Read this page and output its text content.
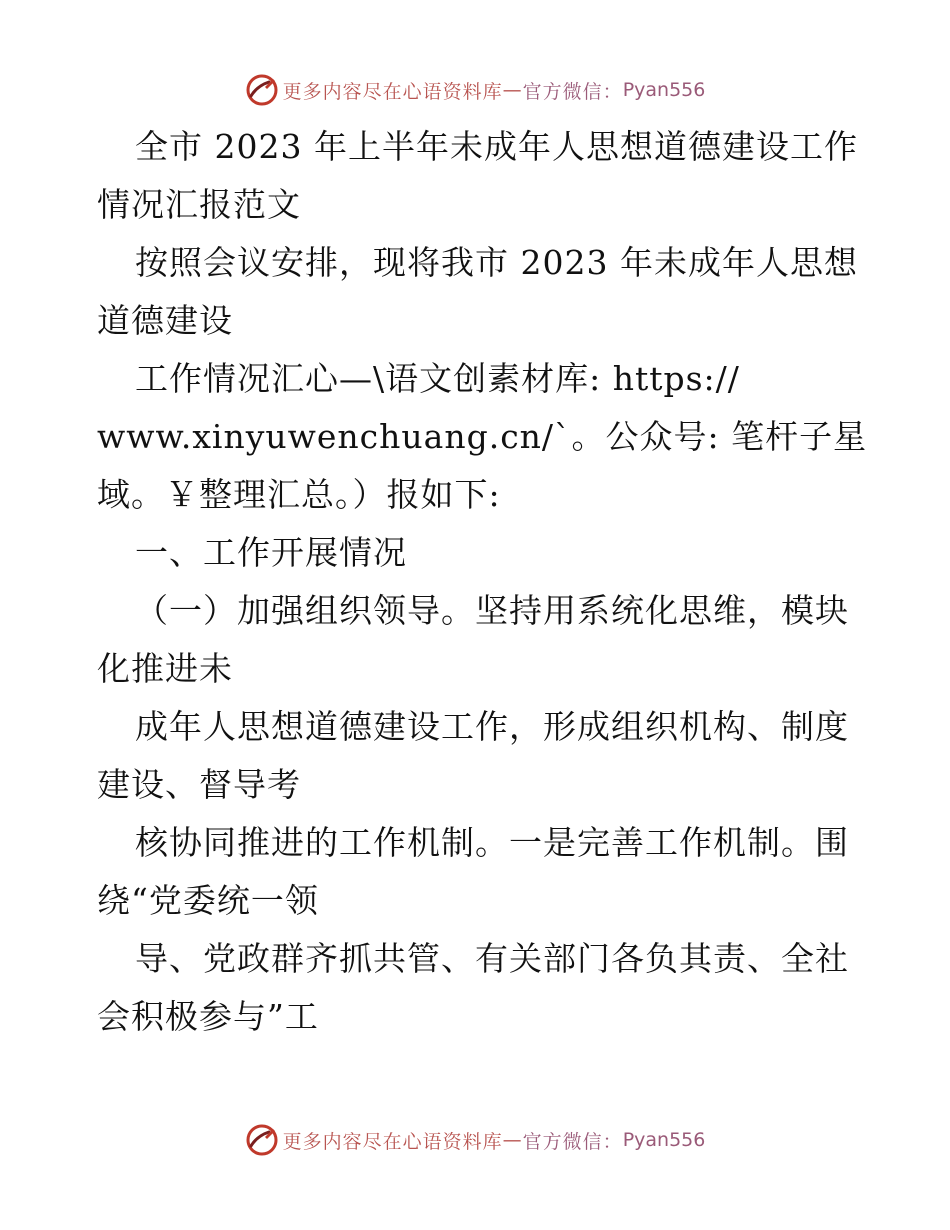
更多内容尽在心语资料库 — 官方微信： Pyan556
全市 2023 年上半年未成年人思想道德建设工作
情况汇报范文
按照会议安排，现将我市 2023 年未成年人思想
道德建设
工作情况汇心—\语文创素材库: https://
www.xinyuwenchuang.cn/`。公众号: 笔杆子星
域。￥整理汇总。）报如下:
一、工作开展情况
（一）加强组织领导。坚持用系统化思维，模块
化推进未
成年人思想道德建设工作，形成组织机构、制度
建设、督导考
核协同推进的工作机制。一是完善工作机制。围
绕“党委统一领
导、党政群齐抓共管、有关部门各负其责、全社
会积极参与”工
更多内容尽在心语资料库 — 官方微信： Pyan556
